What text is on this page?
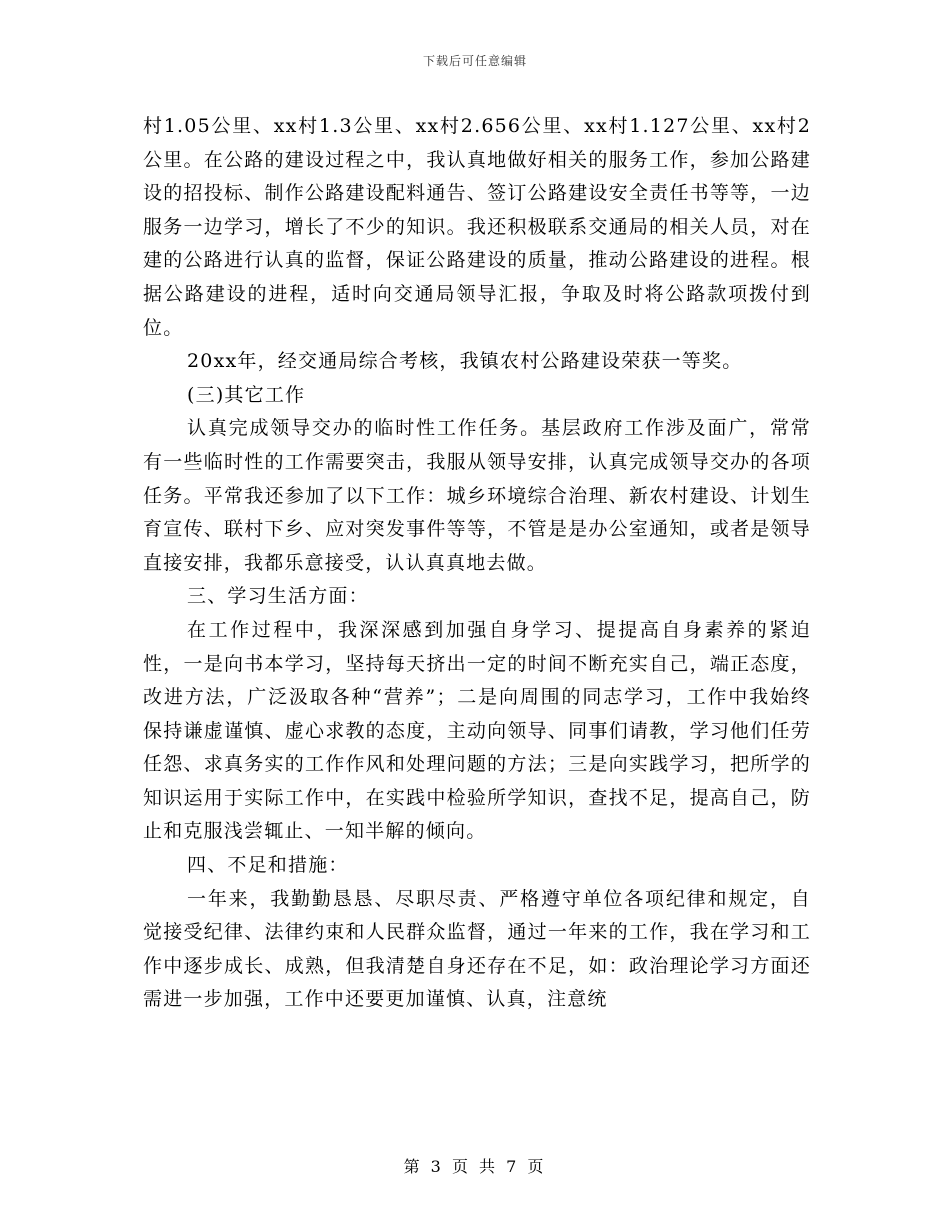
下载后可任意编辑

村1.05公里、xx村1.3公里、xx村2.656公里、xx村1.127公里、xx村2公里。在公路的建设过程之中，我认真地做好相关的服务工作，参加公路建设的招投标、制作公路建设配料通告、签订公路建设安全责任书等等，一边服务一边学习，增长了不少的知识。我还积极联系交通局的相关人员，对在建的公路进行认真的监督，保证公路建设的质量，推动公路建设的进程。根据公路建设的进程，适时向交通局领导汇报，争取及时将公路款项拨付到位。

20xx年，经交通局综合考核，我镇农村公路建设荣获一等奖。

(三)其它工作

认真完成领导交办的临时性工作任务。基层政府工作涉及面广，常常有一些临时性的工作需要突击，我服从领导安排，认真完成领导交办的各项任务。平常我还参加了以下工作：城乡环境综合治理、新农村建设、计划生育宣传、联村下乡、应对突发事件等等，不管是是办公室通知，或者是领导直接安排，我都乐意接受，认认真真地去做。

三、学习生活方面：

在工作过程中，我深深感到加强自身学习、提提高自身素养的紧迫性，一是向书本学习，坚持每天挤出一定的时间不断充实自己，端正态度，改进方法，广泛汲取各种“营养”；二是向周围的同志学习，工作中我始终保持谦虚谨慎、虚心求教的态度，主动向领导、同事们请教，学习他们任劳任怨、求真务实的工作作风和处理问题的方法；三是向实践学习，把所学的知识运用于实际工作中，在实践中检验所学知识，查找不足，提高自己，防止和克服浅尝辄止、一知半解的倾向。

四、不足和措施：

一年来，我勤勤恳恳、尽职尽责、严格遵守单位各项纪律和规定，自觉接受纪律、法律约束和人民群众监督，通过一年来的工作，我在学习和工作中逐步成长、成熟，但我清楚自身还存在不足，如：政治理论学习方面还需进一步加强，工作中还要更加谨慎、认真，注意统

第 3 页 共 7 页
